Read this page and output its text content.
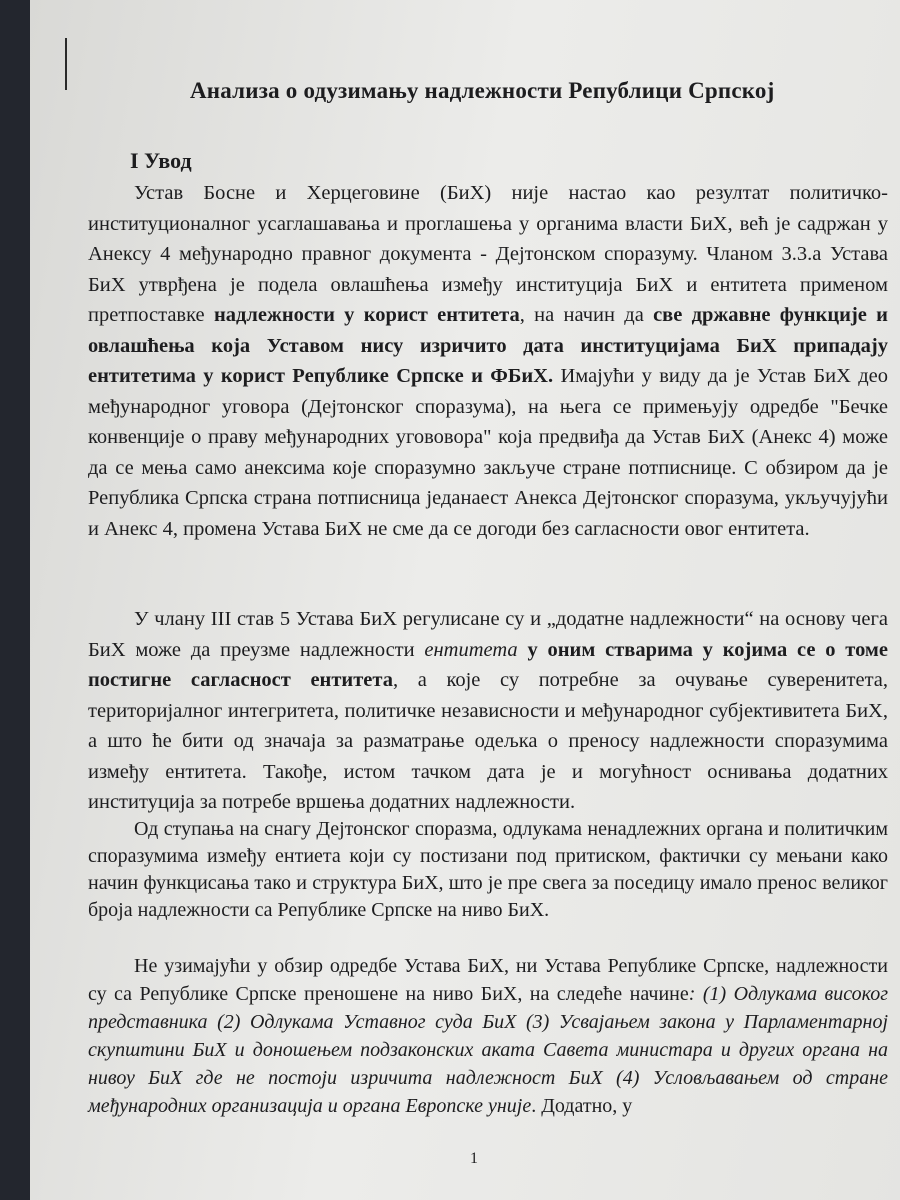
Анализа о одузимању надлежности Републици Српској
I Увод
Устав Босне и Херцеговине (БиХ) није настао као резултат политичко-институционалног усаглашавања и проглашења у органима власти БиХ, већ је садржан у Анексу 4 међународно правног документа - Дејтонском споразуму. Чланом 3.3.а Устава БиХ утврђена је подела овлашћења између институција БиХ и ентитета применом претпоставке надлежности у корист ентитета, на начин да све државне функције и овлашћења која Уставом нису изричито дата институцијама БиХ припадају ентитетима у корист Републике Српске и ФБиХ. Имајући у виду да је Устав БиХ део међународног уговора (Дејтонског споразума), на њега се примењују одредбе "Бечке конвенције о праву међународних угововора" која предвиђа да Устав БиХ (Анекс 4) може да се мења само анексима које споразумно закључе стране потписнице. С обзиром да је Република Српска страна потписница једанаест Анекса Дејтонског споразума, укључујући и Анекс 4, промена Устава БиХ не сме да се догоди без сагласности овог ентитета.
У члану III став 5 Устава БиХ регулисане су и „додатне надлежности“ на основу чега БиХ може да преузме надлежности ентитета у оним стварима у којима се о томе постигне сагласност ентитета, а које су потребне за очување суверенитета, територијалног интегритета, политичке независности и међународног субјективитета БиХ, а што ће бити од значаја за разматрање одељка о преносу надлежности споразумима између ентитета. Такође, истом тачком дата је и могућност оснивања додатних институција за потребе вршења додатних надлежности.
Од ступања на снагу Дејтонског споразма, одлукама ненадлежних органа и политичким споразумима између ентиета који су постизани под притиском, фактички су мењани како начин функцисања тако и структура БиХ, што је пре свега за поседицу имало пренос великог броја надлежности са Републике Српске на ниво БиХ.
Не узимајући у обзир одредбе Устава БиХ, ни Устава Републике Српске, надлежности су са Републике Српске преношене на ниво БиХ, на следеће начине: (1) Одлукама високог представника (2) Одлукама Уставног суда БиХ (3) Усвајањем закона у Парламентарној скупштини БиХ и доношењем подзаконских аката Савета министара и других органа на нивоу БиХ где не постоји изричита надлежност БиХ (4) Условљавањем од стране међународних организација и органа Европске уније. Додатно, у
1
